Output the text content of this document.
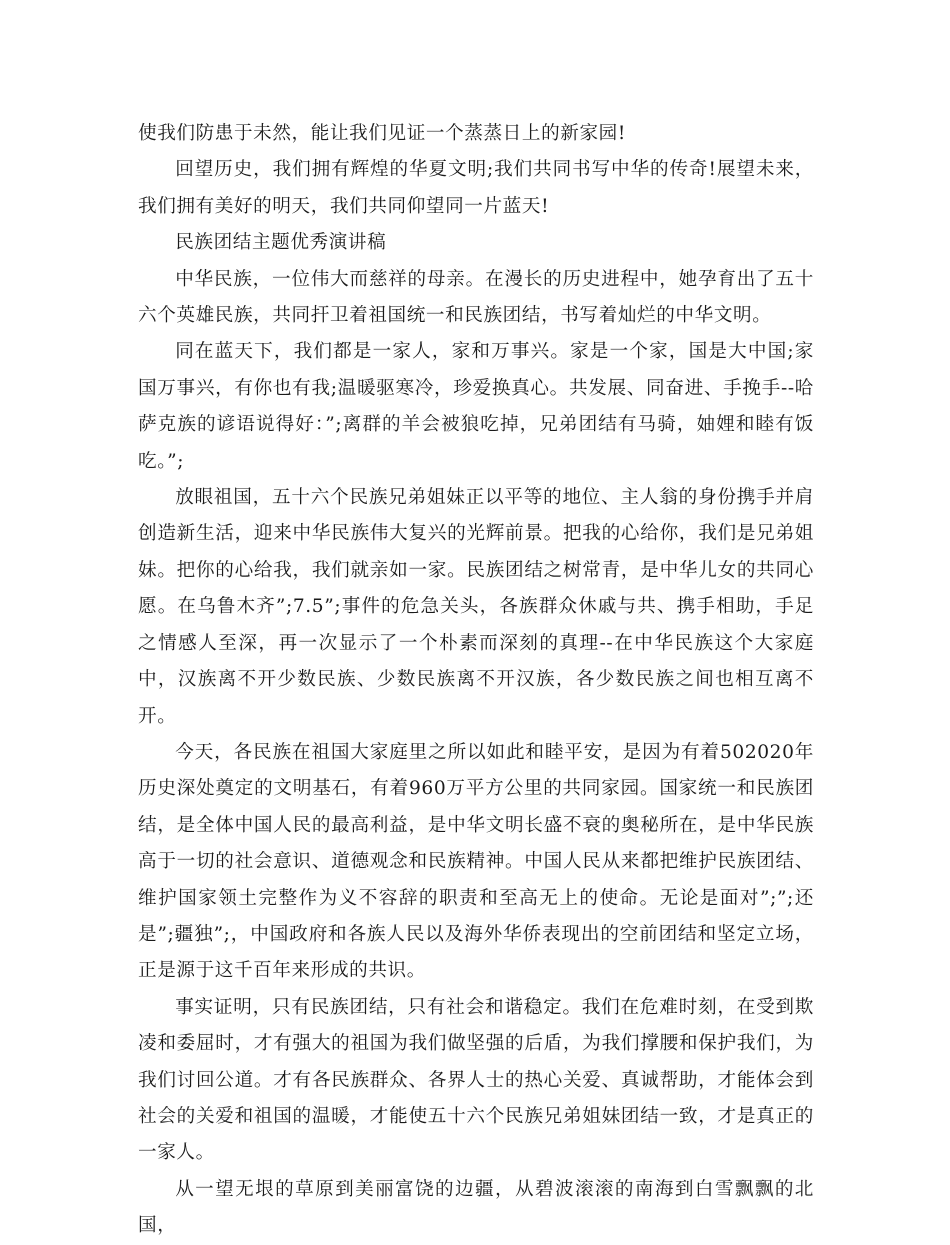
使我们防患于未然，能让我们见证一个蒸蒸日上的新家园!

回望历史，我们拥有辉煌的华夏文明;我们共同书写中华的传奇!展望未来，我们拥有美好的明天，我们共同仰望同一片蓝天!

民族团结主题优秀演讲稿

中华民族，一位伟大而慈祥的母亲。在漫长的历史进程中，她孕育出了五十六个英雄民族，共同扞卫着祖国统一和民族团结，书写着灿烂的中华文明。

同在蓝天下，我们都是一家人，家和万事兴。家是一个家，国是大中国;家国万事兴，有你也有我;温暖驱寒冷，珍爱换真心。共发展、同奋进、手挽手--哈萨克族的谚语说得好：”;离群的羊会被狼吃掉，兄弟团结有马骑，妯娌和睦有饭吃。”;

放眼祖国，五十六个民族兄弟姐妹正以平等的地位、主人翁的身份携手并肩创造新生活，迎来中华民族伟大复兴的光辉前景。把我的心给你，我们是兄弟姐妹。把你的心给我，我们就亲如一家。民族团结之树常青，是中华儿女的共同心愿。在乌鲁木齐”;7.5”;事件的危急关头，各族群众休戚与共、携手相助，手足之情感人至深，再一次显示了一个朴素而深刻的真理--在中华民族这个大家庭中，汉族离不开少数民族、少数民族离不开汉族，各少数民族之间也相互离不开。

今天，各民族在祖国大家庭里之所以如此和睦平安，是因为有着502020年历史深处奠定的文明基石，有着960万平方公里的共同家园。国家统一和民族团结，是全体中国人民的最高利益，是中华文明长盛不衰的奥秘所在，是中华民族高于一切的社会意识、道德观念和民族精神。中国人民从来都把维护民族团结、维护国家领土完整作为义不容辞的职责和至高无上的使命。无论是面对”;”;还是”;疆独”;，中国政府和各族人民以及海外华侨表现出的空前团结和坚定立场，正是源于这千百年来形成的共识。

事实证明，只有民族团结，只有社会和谐稳定。我们在危难时刻，在受到欺凌和委屈时，才有强大的祖国为我们做坚强的后盾，为我们撑腰和保护我们，为我们讨回公道。才有各民族群众、各界人士的热心关爱、真诚帮助，才能体会到社会的关爱和祖国的温暖，才能使五十六个民族兄弟姐妹团结一致，才是真正的一家人。

从一望无垠的草原到美丽富饶的边疆，从碧波滚滚的南海到白雪飘飘的北国，
